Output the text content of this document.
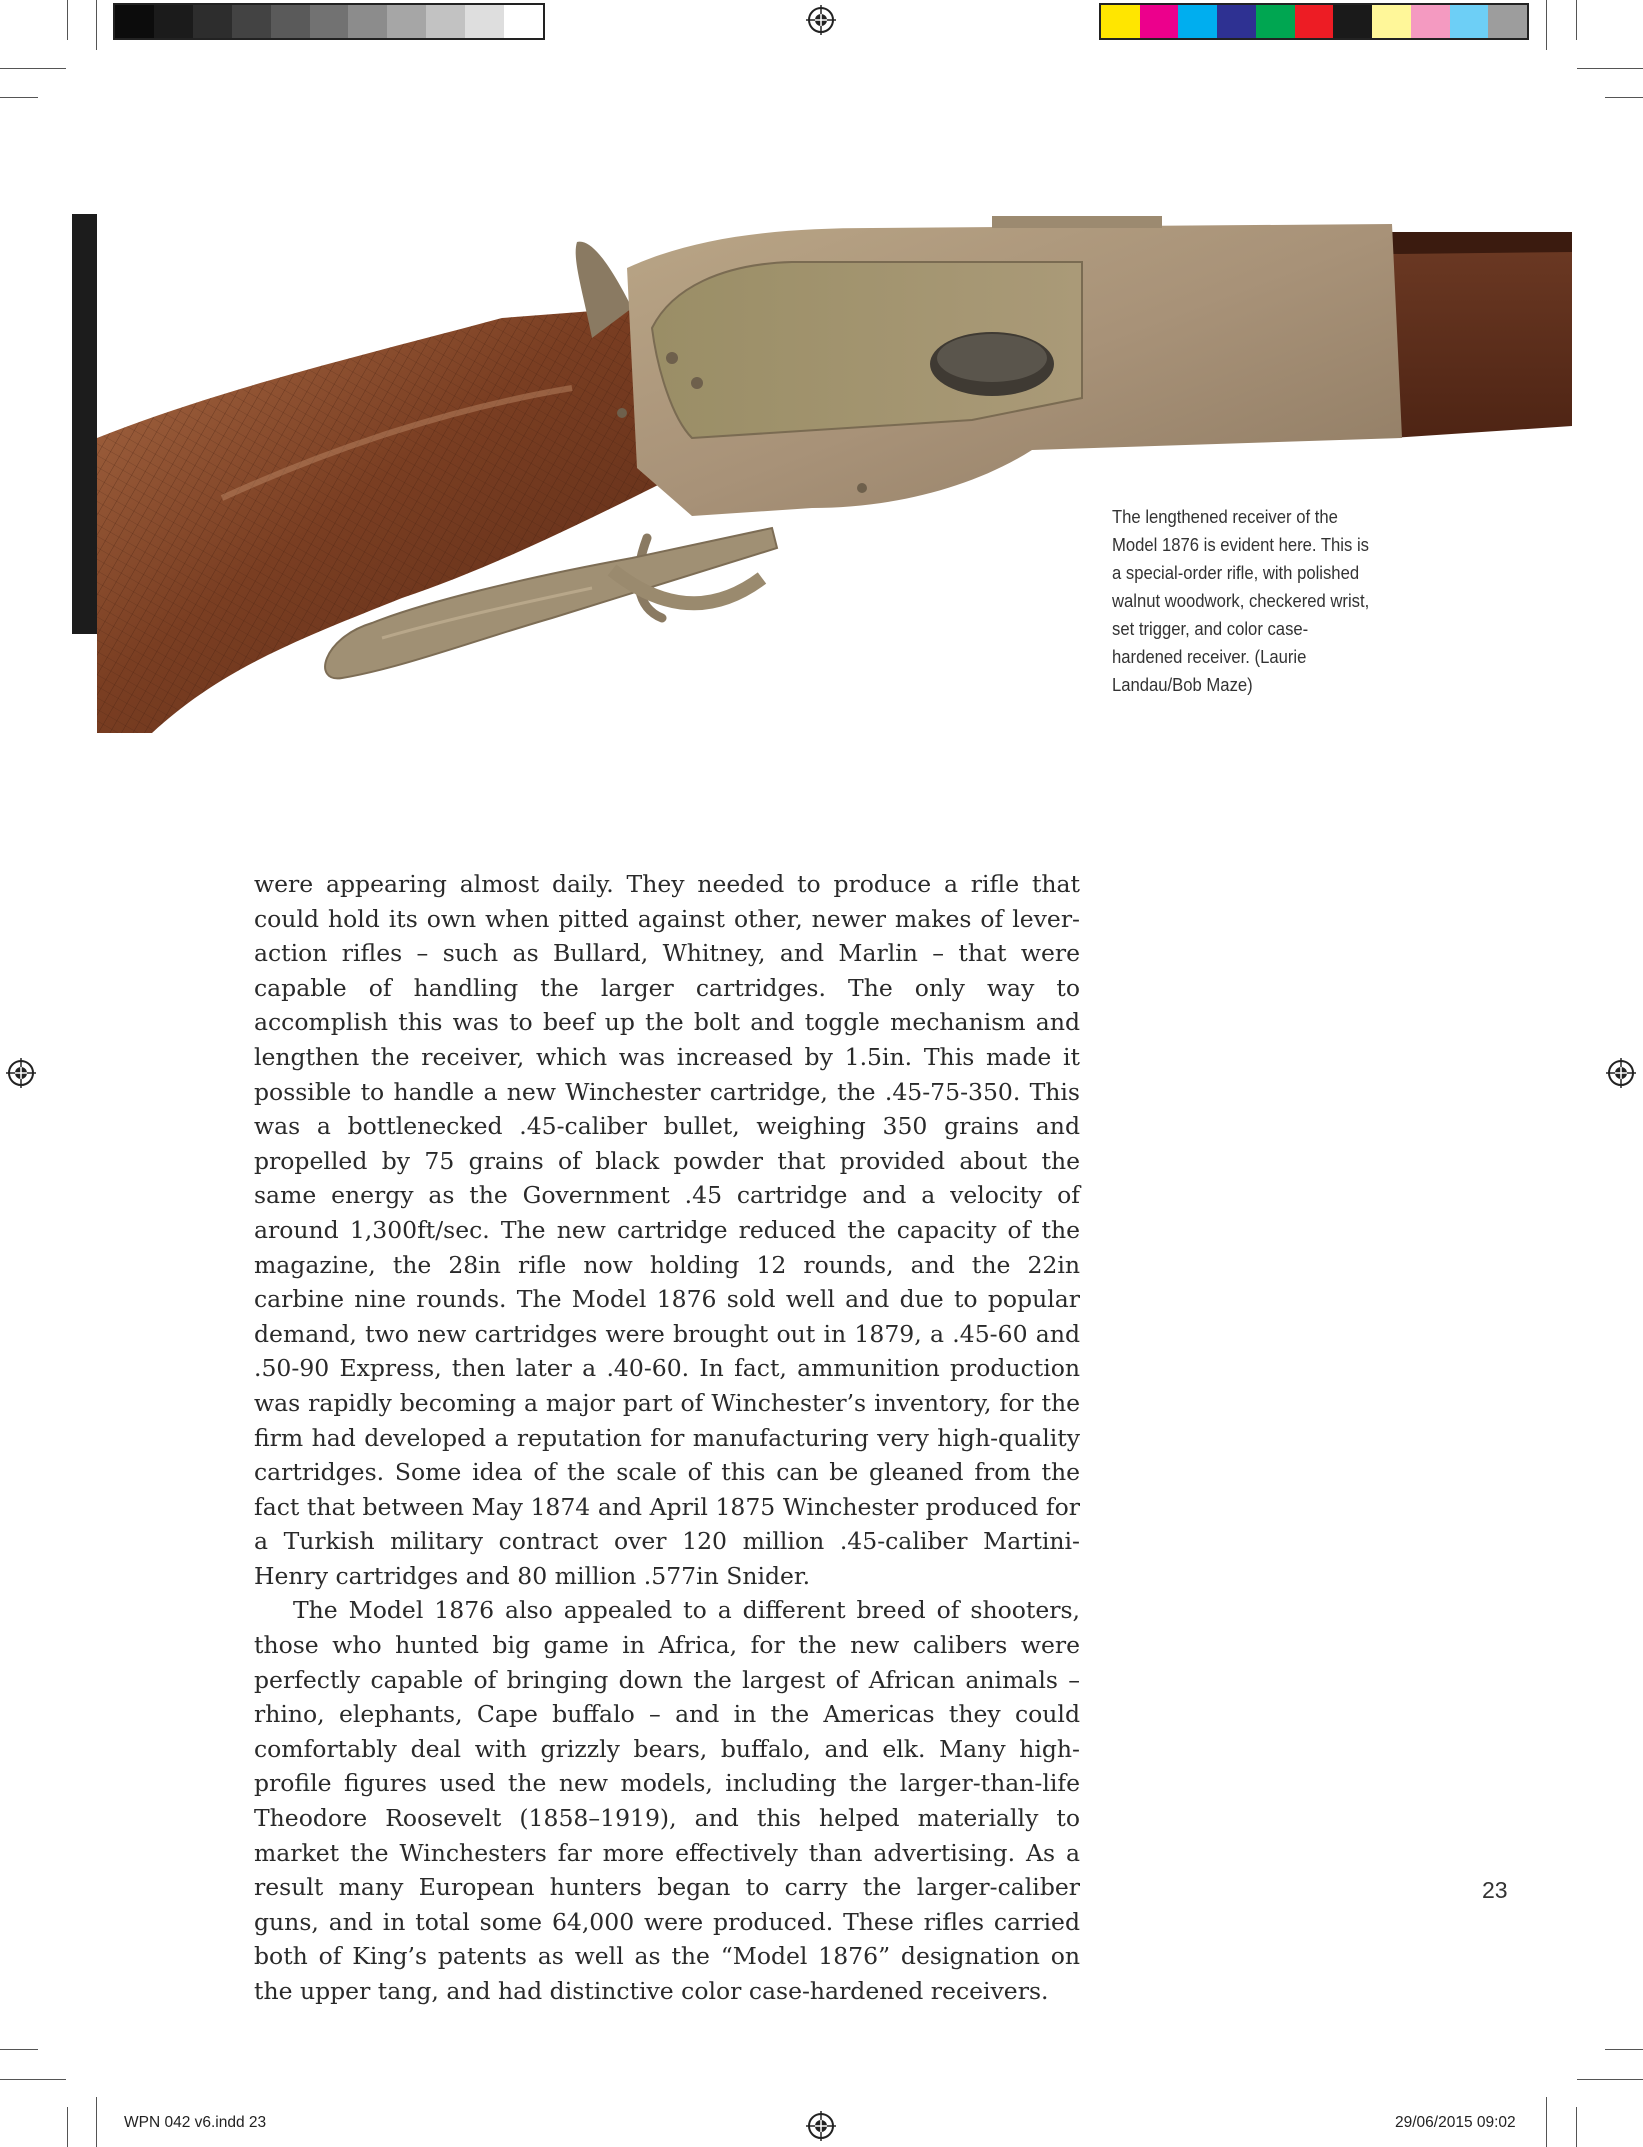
The lengthened receiver of the Model 1876 is evident here. This is a special-order rifle, with polished walnut woodwork, checkered wrist, set trigger, and color case-hardened receiver. (Laurie Landau/Bob Maze)

were appearing almost daily. They needed to produce a rifle that could hold its own when pitted against other, newer makes of lever-action rifles – such as Bullard, Whitney, and Marlin – that were capable of handling the larger cartridges. The only way to accomplish this was to beef up the bolt and toggle mechanism and lengthen the receiver, which was increased by 1.5in. This made it possible to handle a new Winchester cartridge, the .45-75-350. This was a bottlenecked .45-caliber bullet, weighing 350 grains and propelled by 75 grains of black powder that provided about the same energy as the Government .45 cartridge and a velocity of around 1,300ft/sec. The new cartridge reduced the capacity of the magazine, the 28in rifle now holding 12 rounds, and the 22in carbine nine rounds. The Model 1876 sold well and due to popular demand, two new cartridges were brought out in 1879, a .45-60 and .50-90 Express, then later a .40-60. In fact, ammunition production was rapidly becoming a major part of Winchester’s inventory, for the firm had developed a reputation for manufacturing very high-quality cartridges. Some idea of the scale of this can be gleaned from the fact that between May 1874 and April 1875 Winchester produced for a Turkish military contract over 120 million .45-caliber Martini-Henry cartridges and 80 million .577in Snider.

The Model 1876 also appealed to a different breed of shooters, those who hunted big game in Africa, for the new calibers were perfectly capable of bringing down the largest of African animals – rhino, elephants, Cape buffalo – and in the Americas they could comfortably deal with grizzly bears, buffalo, and elk. Many high-profile figures used the new models, including the larger-than-life Theodore Roosevelt (1858–1919), and this helped materially to market the Winchesters far more effectively than advertising. As a result many European hunters began to carry the larger-caliber guns, and in total some 64,000 were produced. These rifles carried both of King’s patents as well as the “Model 1876” designation on the upper tang, and had distinctive color case-hardened receivers.

23
WPN 042 v6.indd 23	29/06/2015 09:02
